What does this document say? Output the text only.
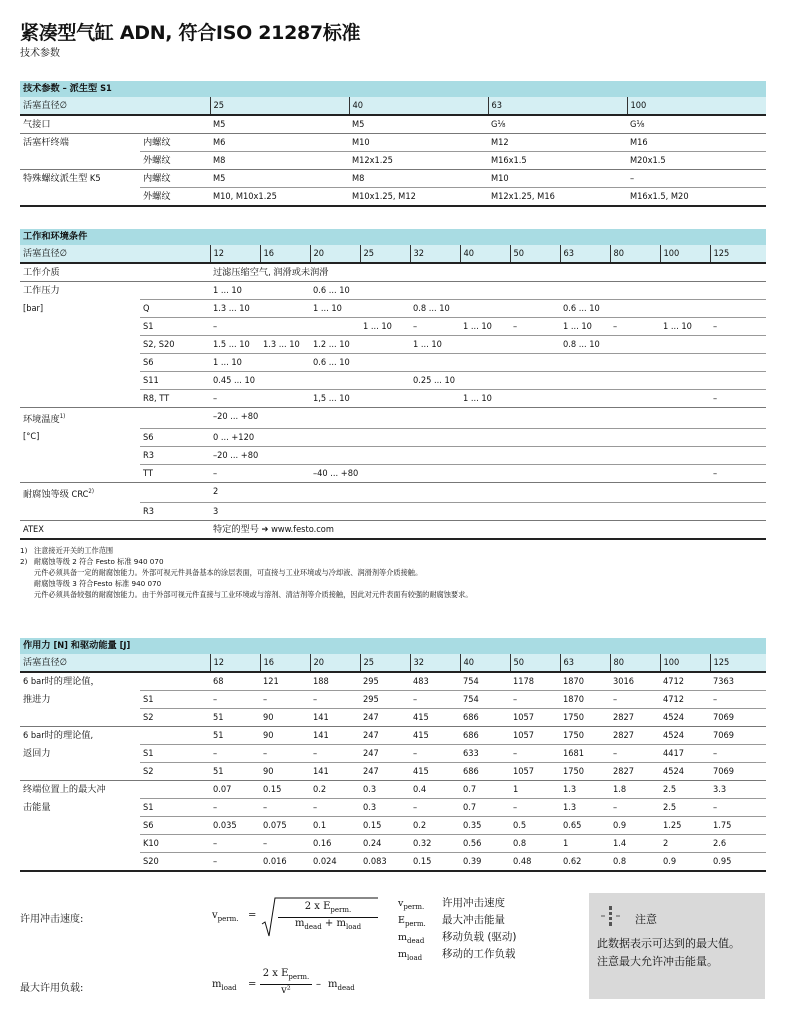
紧凑型气缸 ADN, 符合ISO 21287标准
技术参数
技术参数 – 派生型 S1					
活塞直径∅		25	40	63	100
气接口		M5	M5	G¹⁄₈	G¹⁄₈
活塞杆终端	内螺纹	M6	M10	M12	M16
	外螺纹	M8	M12x1.25	M16x1.5	M20x1.5
特殊螺纹派生型 K5	内螺纹	M5	M8	M10	–
	外螺纹	M10, M10x1.25	M10x1.25, M12	M12x1.25, M16	M16x1.5, M20
工作和环境条件												
活塞直径∅		12	16	20	25	32	40	50	63	80	100	125
工作介质		过滤压缩空气, 润滑或未润滑										
工作压力		1 ... 10		0.6 ... 10								
[bar]	Q	1.3 ... 10		1 ... 10		0.8 ... 10			0.6 ... 10			
	S1	–			1 ... 10	–	1 ... 10	–	1 ... 10	–	1 ... 10	–
	S2, S20	1.5 ... 10	1.3 ... 10	1.2 ... 10		1 ... 10			0.8 ... 10			
	S6	1 ... 10		0.6 ... 10								
	S11	0.45 ... 10				0.25 ... 10						
	R8, TT	–		1,5 ... 10			1 ... 10					–
环境温度$^{1)}$		–20 ... +80										
[°C]	S6	0 ... +120										
	R3	–20 ... +80										
	TT	–		–40 ... +80								–
耐腐蚀等级 CRC$^{2)}$		2										
	R3	3										
ATEX		特定的型号 ➔ www.festo.com										
1) 注意接近开关的工作范围
2) 耐腐蚀等级 2 符合 Festo 标准 940 070
元件必须具备一定的耐腐蚀能力。外部可视元件具备基本的涂层表面，可直接与工业环境或与冷却液、润滑剂等介质接触。
耐腐蚀等级 3 符合Festo 标准 940 070
元件必须具备较强的耐腐蚀能力。由于外部可视元件直接与工业环境或与溶剂、清洁剂等介质接触，因此对元件表面有较强的耐腐蚀要求。
作用力 [N] 和驱动能量 [J]												
活塞直径∅		12	16	20	25	32	40	50	63	80	100	125
6 bar时的理论值，		68	121	188	295	483	754	1178	1870	3016	4712	7363
推进力	S1	–	–	–	295	–	754	–	1870	–	4712	–
	S2	51	90	141	247	415	686	1057	1750	2827	4524	7069
6 bar时的理论值,		51	90	141	247	415	686	1057	1750	2827	4524	7069
返回力	S1	–	–	–	247	–	633	–	1681	–	4417	–
	S2	51	90	141	247	415	686	1057	1750	2827	4524	7069
终端位置上的最大冲		0.07	0.15	0.2	0.3	0.4	0.7	1	1.3	1.8	2.5	3.3
击能量	S1	–	–	–	0.3	–	0.7	–	1.3	–	2.5	–
	S6	0.035	0.075	0.1	0.15	0.2	0.35	0.5	0.65	0.9	1.25	1.75
	K10	–	–	0.16	0.24	0.32	0.56	0.8	1	1.4	2	2.6
	S20	–	0.016	0.024	0.083	0.15	0.39	0.48	0.62	0.8	0.9	0.95
许用冲击速度:	$v_{perm.}$ =
2 x $E_{perm.}$
$m_{dead} + m_{load}$
最大许用负载:	$m_{load}$ =
2 x $E_{perm.}$
v²
– $m_{dead}$
$v_{perm.}$ 许用冲击速度
$E_{perm.}$ 最大冲击能量
$m_{dead}$ 移动负载 (驱动)
$m_{load}$ 移动的工作负载
注意
此数据表示可达到的最大值。
注意最大允许冲击能量。
